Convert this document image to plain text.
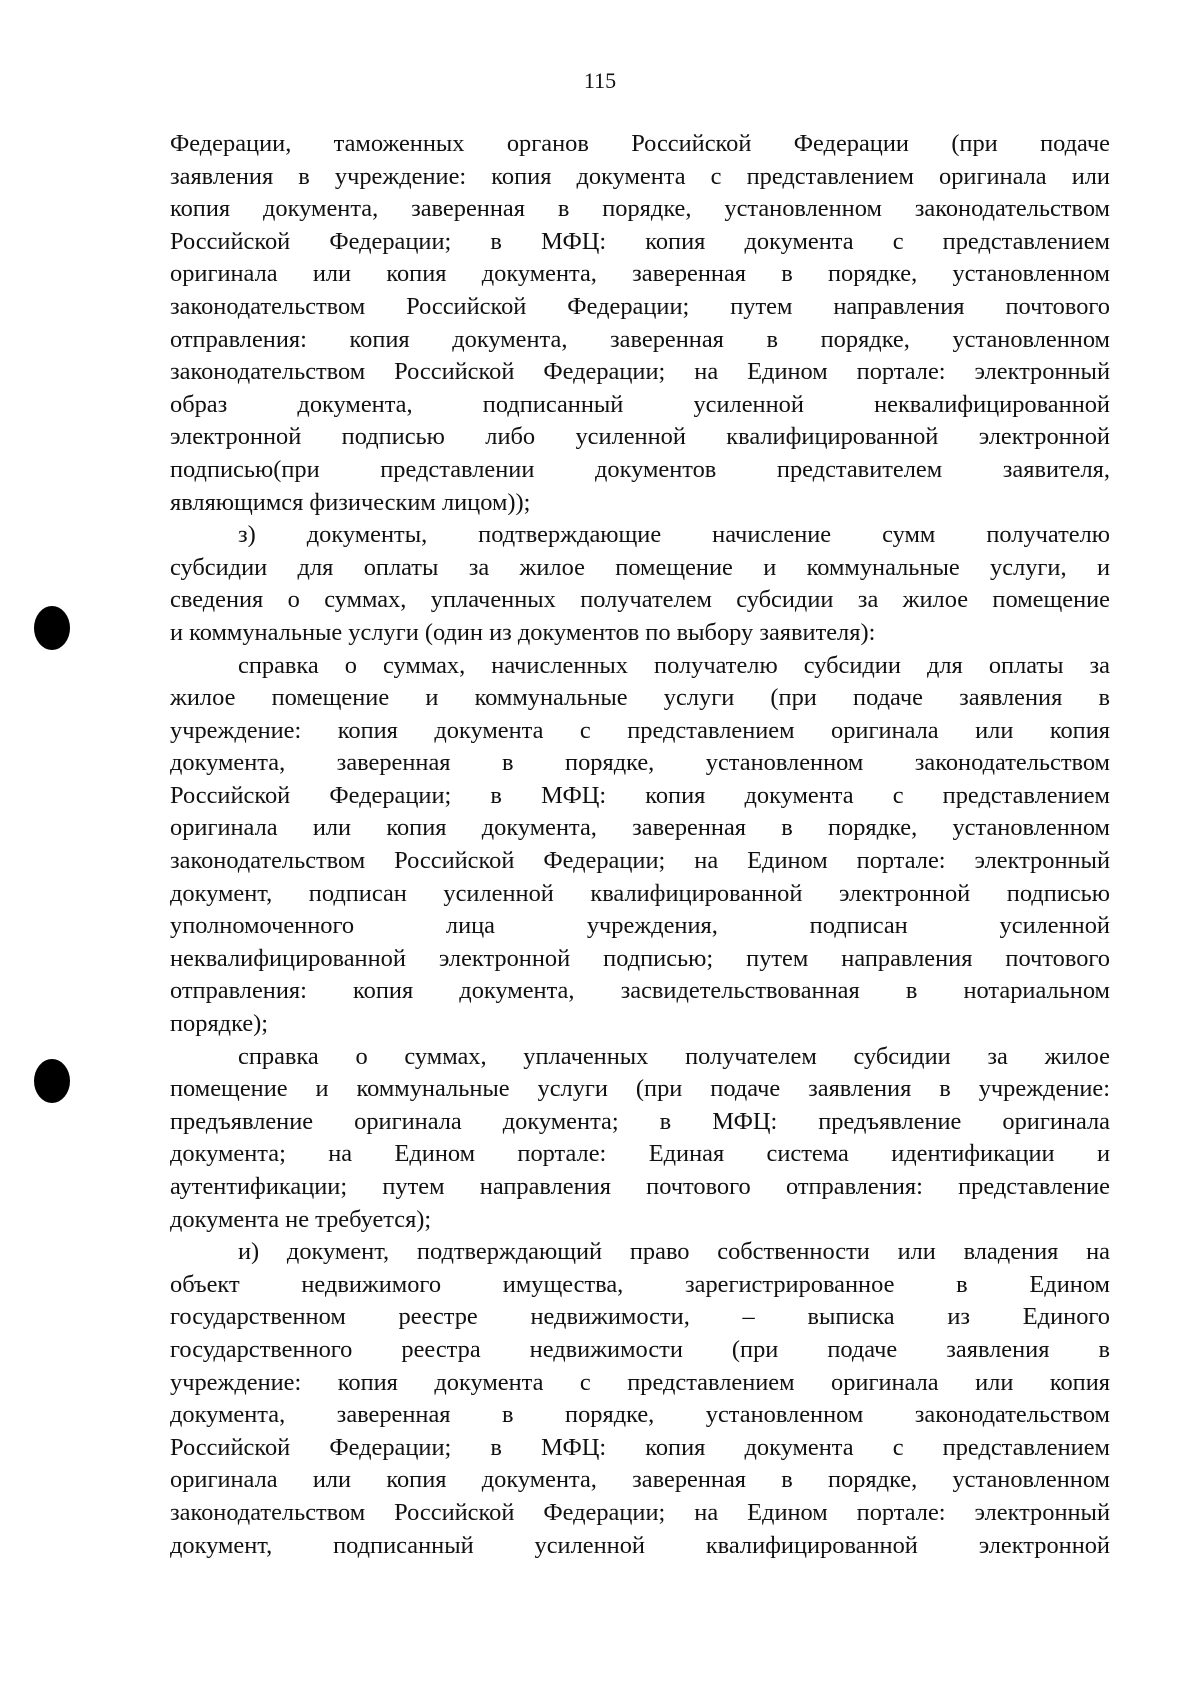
115

Федерации, таможенных органов Российской Федерации (при подаче
заявления в учреждение: копия документа с представлением оригинала или
копия документа, заверенная в порядке, установленном законодательством
Российской Федерации; в МФЦ: копия документа с представлением
оригинала или копия документа, заверенная в порядке, установленном
законодательством Российской Федерации; путем направления почтового
отправления: копия документа, заверенная в порядке, установленном
законодательством Российской Федерации; на Едином портале: электронный
образ документа, подписанный усиленной неквалифицированной
электронной подписью либо усиленной квалифицированной электронной
подписью(при представлении документов представителем заявителя,
являющимся физическим лицом));

з) документы, подтверждающие начисление сумм получателю
субсидии для оплаты за жилое помещение и коммунальные услуги, и
сведения о суммах, уплаченных получателем субсидии за жилое помещение
и коммунальные услуги (один из документов по выбору заявителя):

справка о суммах, начисленных получателю субсидии для оплаты за
жилое помещение и коммунальные услуги (при подаче заявления в
учреждение: копия документа с представлением оригинала или копия
документа, заверенная в порядке, установленном законодательством
Российской Федерации; в МФЦ: копия документа с представлением
оригинала или копия документа, заверенная в порядке, установленном
законодательством Российской Федерации; на Едином портале: электронный
документ, подписан усиленной квалифицированной электронной подписью
уполномоченного лица учреждения, подписан усиленной
неквалифицированной электронной подписью; путем направления почтового
отправления: копия документа, засвидетельствованная в нотариальном
порядке);

справка о суммах, уплаченных получателем субсидии за жилое
помещение и коммунальные услуги (при подаче заявления в учреждение:
предъявление оригинала документа; в МФЦ: предъявление оригинала
документа; на Едином портале: Единая система идентификации и
аутентификации; путем направления почтового отправления: представление
документа не требуется);

и) документ, подтверждающий право собственности или владения на
объект недвижимого имущества, зарегистрированное в Едином
государственном реестре недвижимости, – выписка из Единого
государственного реестра недвижимости (при подаче заявления в
учреждение: копия документа с представлением оригинала или копия
документа, заверенная в порядке, установленном законодательством
Российской Федерации; в МФЦ: копия документа с представлением
оригинала или копия документа, заверенная в порядке, установленном
законодательством Российской Федерации; на Едином портале: электронный
документ, подписанный усиленной квалифицированной электронной
